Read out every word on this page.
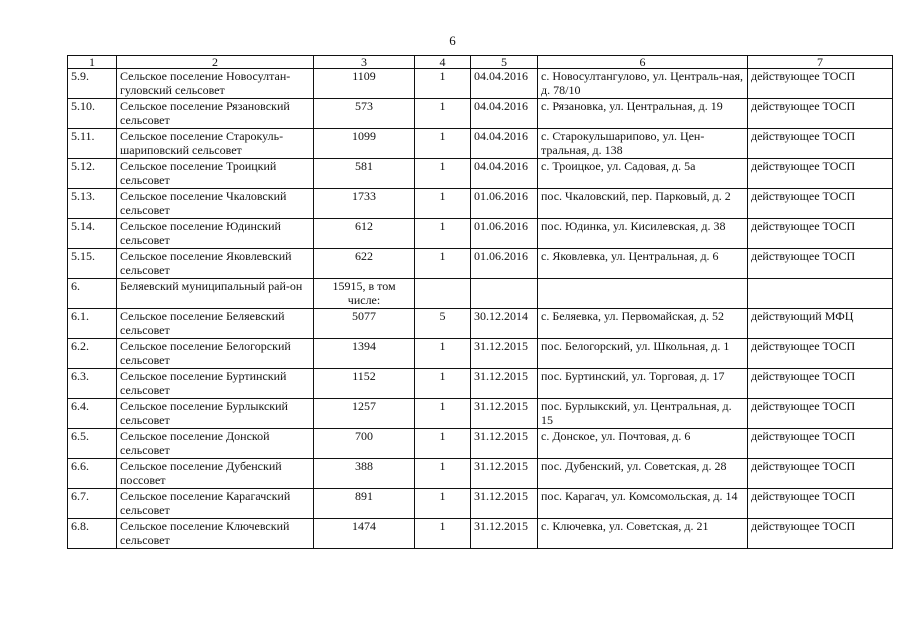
6
1	2	3	4	5	6	7
5.9.	Сельское поселение Новосултан-гуловский сельсовет	1109	1	04.04.2016	с. Новосултангулово, ул. Централь-ная, д. 78/10	действующее ТОСП
5.10.	Сельское поселение Рязановский сельсовет	573	1	04.04.2016	с. Рязановка, ул. Центральная, д. 19	действующее ТОСП
5.11.	Сельское поселение Старокуль-шариповский сельсовет	1099	1	04.04.2016	с. Старокульшарипово, ул. Цен-тральная, д. 138	действующее ТОСП
5.12.	Сельское поселение Троицкий сельсовет	581	1	04.04.2016	с. Троицкое, ул. Садовая, д. 5а	действующее ТОСП
5.13.	Сельское поселение Чкаловский сельсовет	1733	1	01.06.2016	пос. Чкаловский, пер. Парковый, д. 2	действующее ТОСП
5.14.	Сельское поселение Юдинский сельсовет	612	1	01.06.2016	пос. Юдинка, ул. Кисилевская, д. 38	действующее ТОСП
5.15.	Сельское поселение Яковлевский сельсовет	622	1	01.06.2016	с. Яковлевка, ул. Центральная, д. 6	действующее ТОСП
6.	Беляевский муниципальный рай-он	15915, в том числе:				
6.1.	Сельское поселение Беляевский сельсовет	5077	5	30.12.2014	с. Беляевка, ул. Первомайская, д. 52	действующий МФЦ
6.2.	Сельское поселение Белогорский сельсовет	1394	1	31.12.2015	пос. Белогорский, ул. Школьная, д. 1	действующее ТОСП
6.3.	Сельское поселение Буртинский сельсовет	1152	1	31.12.2015	пос. Буртинский, ул. Торговая, д. 17	действующее ТОСП
6.4.	Сельское поселение Бурлыкский сельсовет	1257	1	31.12.2015	пос. Бурлыкский, ул. Центральная, д. 15	действующее ТОСП
6.5.	Сельское поселение Донской сельсовет	700	1	31.12.2015	с. Донское, ул. Почтовая, д. 6	действующее ТОСП
6.6.	Сельское поселение Дубенский поссовет	388	1	31.12.2015	пос. Дубенский, ул. Советская, д. 28	действующее ТОСП
6.7.	Сельское поселение Карагачский сельсовет	891	1	31.12.2015	пос. Карагач, ул. Комсомольская, д. 14	действующее ТОСП
6.8.	Сельское поселение Ключевский сельсовет	1474	1	31.12.2015	с. Ключевка, ул. Советская, д. 21	действующее ТОСП
